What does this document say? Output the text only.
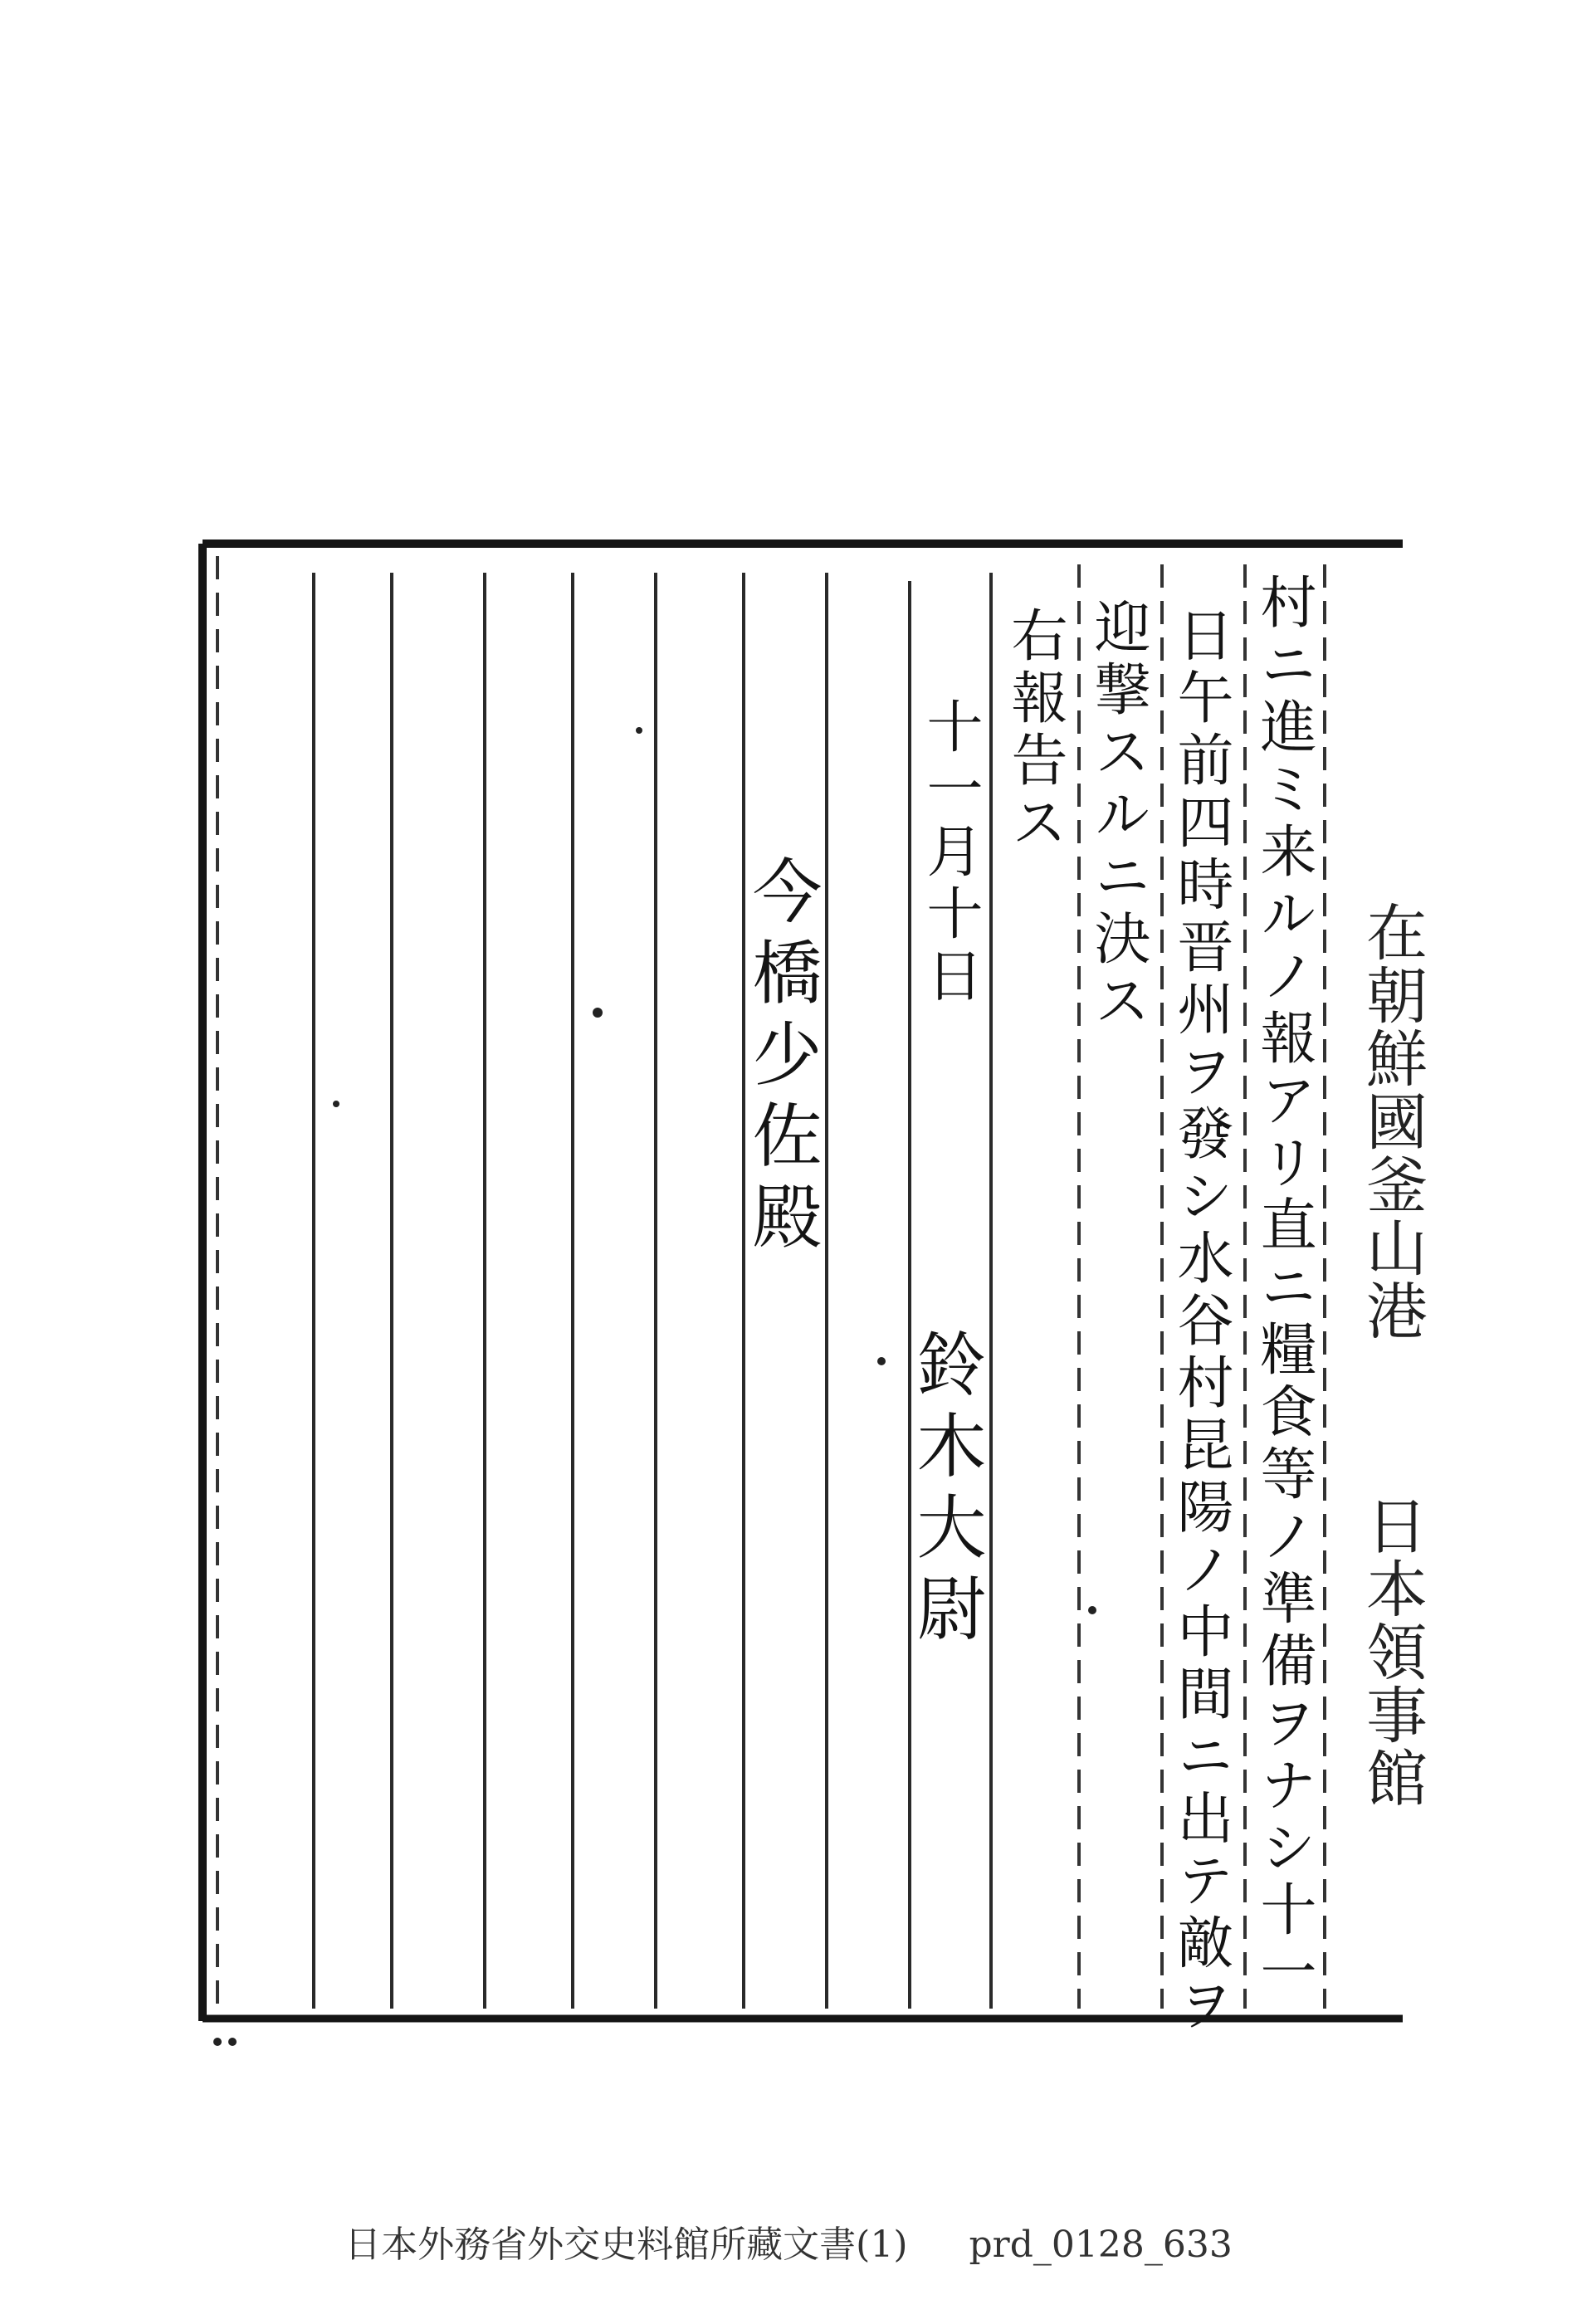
在朝鮮國釜山港
日本領事館
村ニ進ミ来ルノ報アリ直ニ糧食等ノ準備ヲナシ十一
日午前四時晋州ヲ發シ水谷村昆陽ノ中間ニ出テ敵ヲ
迎撃スルニ決ス
右報告ス
十一月十日
鈴木大尉
今橋少佐殿
日本外務省外交史料館所藏文書(1) prd_0128_633
